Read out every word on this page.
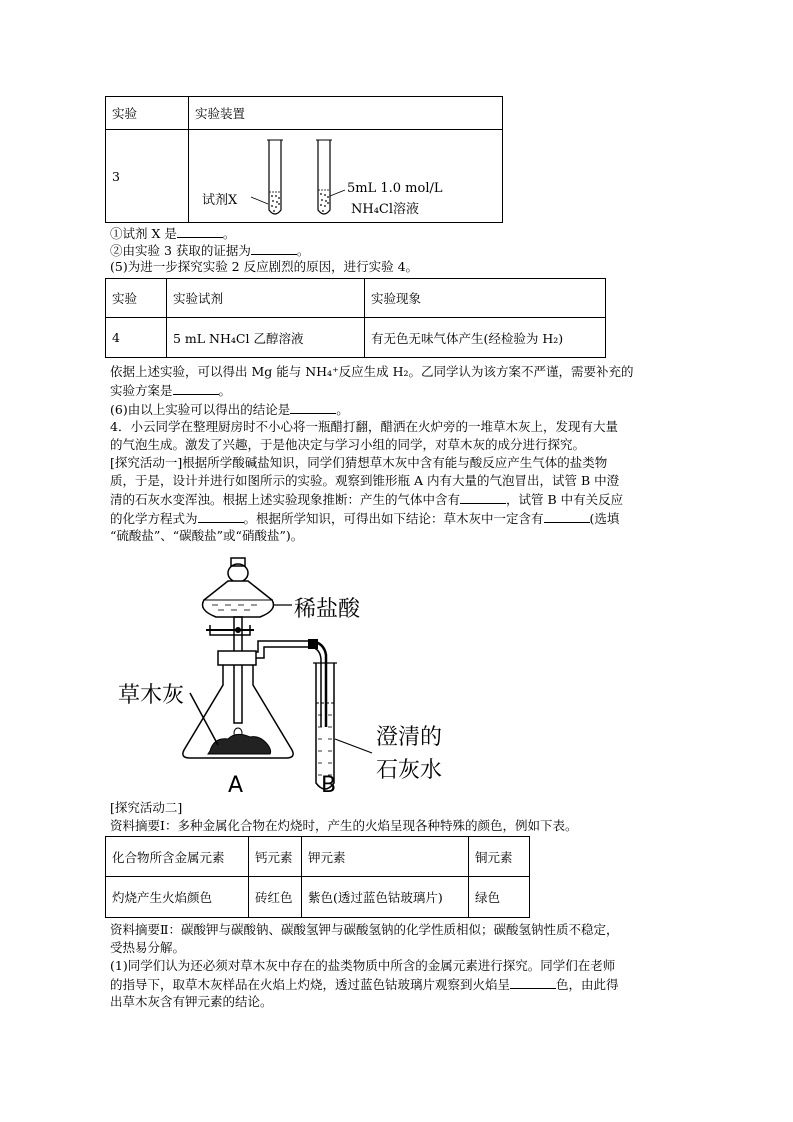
实验	实验装置
3	试剂X
5mL 1.0 mol/L
NH₄Cl溶液
①试剂 X 是	。
②由实验 3 获取的证据为	。
(5)为进一步探究实验 2 反应剧烈的原因，进行实验 4。
实验	实验试剂	实验现象
4	5 mL NH₄Cl 乙醇溶液	有无色无味气体产生(经检验为 H₂)
依据上述实验，可以得出 Mg 能与 NH₄⁺反应生成 H₂。乙同学认为该方案不严谨，需要补充的
实验方案是	。
(6)由以上实验可以得出的结论是	。
4．小云同学在整理厨房时不小心将一瓶醋打翻，醋洒在火炉旁的一堆草木灰上，发现有大量
的气泡生成。激发了兴趣，于是他决定与学习小组的同学，对草木灰的成分进行探究。
[探究活动一]根据所学酸碱盐知识，同学们猜想草木灰中含有能与酸反应产生气体的盐类物
质，于是，设计并进行如图所示的实验。观察到锥形瓶 A 内有大量的气泡冒出，试管 B 中澄
清的石灰水变浑浊。根据上述实验现象推断：产生的气体中含有	，试管 B 中有关反应
的化学方程式为	。根据所学知识，可得出如下结论：草木灰中一定含有	(选填
“硫酸盐”、“碳酸盐”或“硝酸盐”)。
稀盐酸
草木灰
澄清的
石灰水
A	B
[探究活动二]
资料摘要Ⅰ：多种金属化合物在灼烧时，产生的火焰呈现各种特殊的颜色，例如下表。
化合物所含金属元素	钙元素	钾元素	铜元素
灼烧产生火焰颜色	砖红色	紫色(透过蓝色钴玻璃片)	绿色
资料摘要Ⅱ：碳酸钾与碳酸钠、碳酸氢钾与碳酸氢钠的化学性质相似；碳酸氢钠性质不稳定，
受热易分解。
(1)同学们认为还必须对草木灰中存在的盐类物质中所含的金属元素进行探究。同学们在老师
的指导下，取草木灰样品在火焰上灼烧，透过蓝色钴玻璃片观察到火焰呈	色，由此得
出草木灰含有钾元素的结论。
